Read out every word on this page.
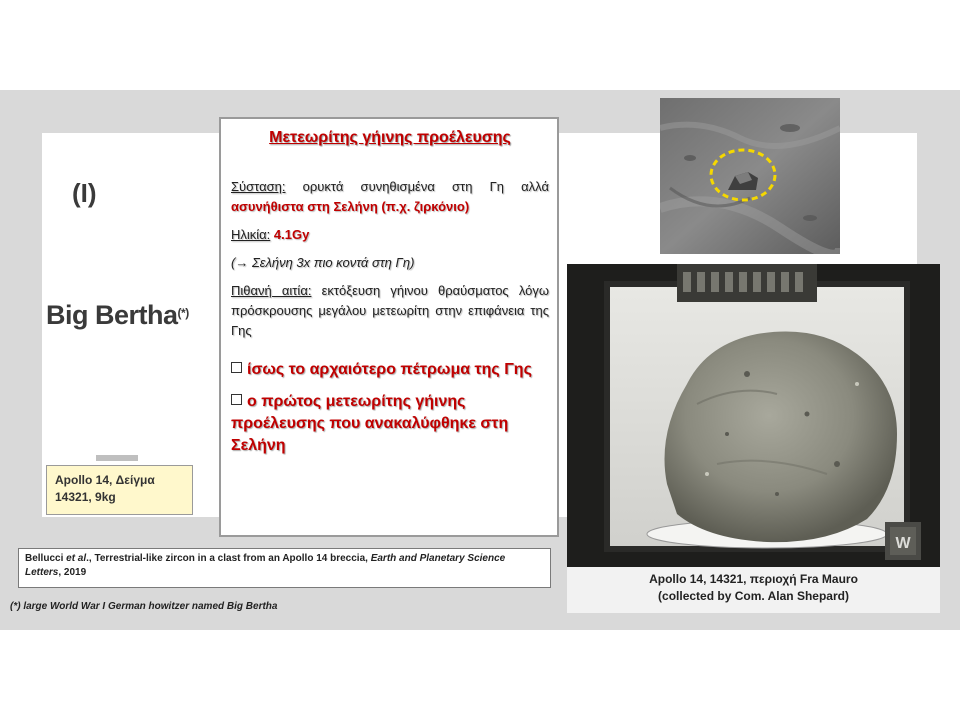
(I)
Big Bertha(*)
Apollo 14, Δείγμα 14321, 9kg
Μετεωρίτης γήινης προέλευσης
Σύσταση: ορυκτά συνηθισμένα στη Γη αλλά ασυνήθιστα στη Σελήνη (π.χ. ζιρκόνιο)
Ηλικία: 4.1Gy
(→ Σελήνη 3x πιο κοντά στη Γη)
Πιθανή αιτία: εκτόξευση γήινου θραύσματος λόγω πρόσκρουσης μεγάλου μετεωρίτη στην επιφάνεια της Γης
ίσως το αρχαιότερο πέτρωμα της Γης
ο πρώτος μετεωρίτης γήινης προέλευσης που ανακαλύφθηκε στη Σελήνη
Bellucci et al., Terrestrial-like zircon in a clast from an Apollo 14 breccia, Earth and Planetary Science Letters, 2019
(*) large World War I German howitzer named Big Bertha
W
Apollo 14, 14321, περιοχή Fra Mauro
(collected by Com. Alan Shepard)
